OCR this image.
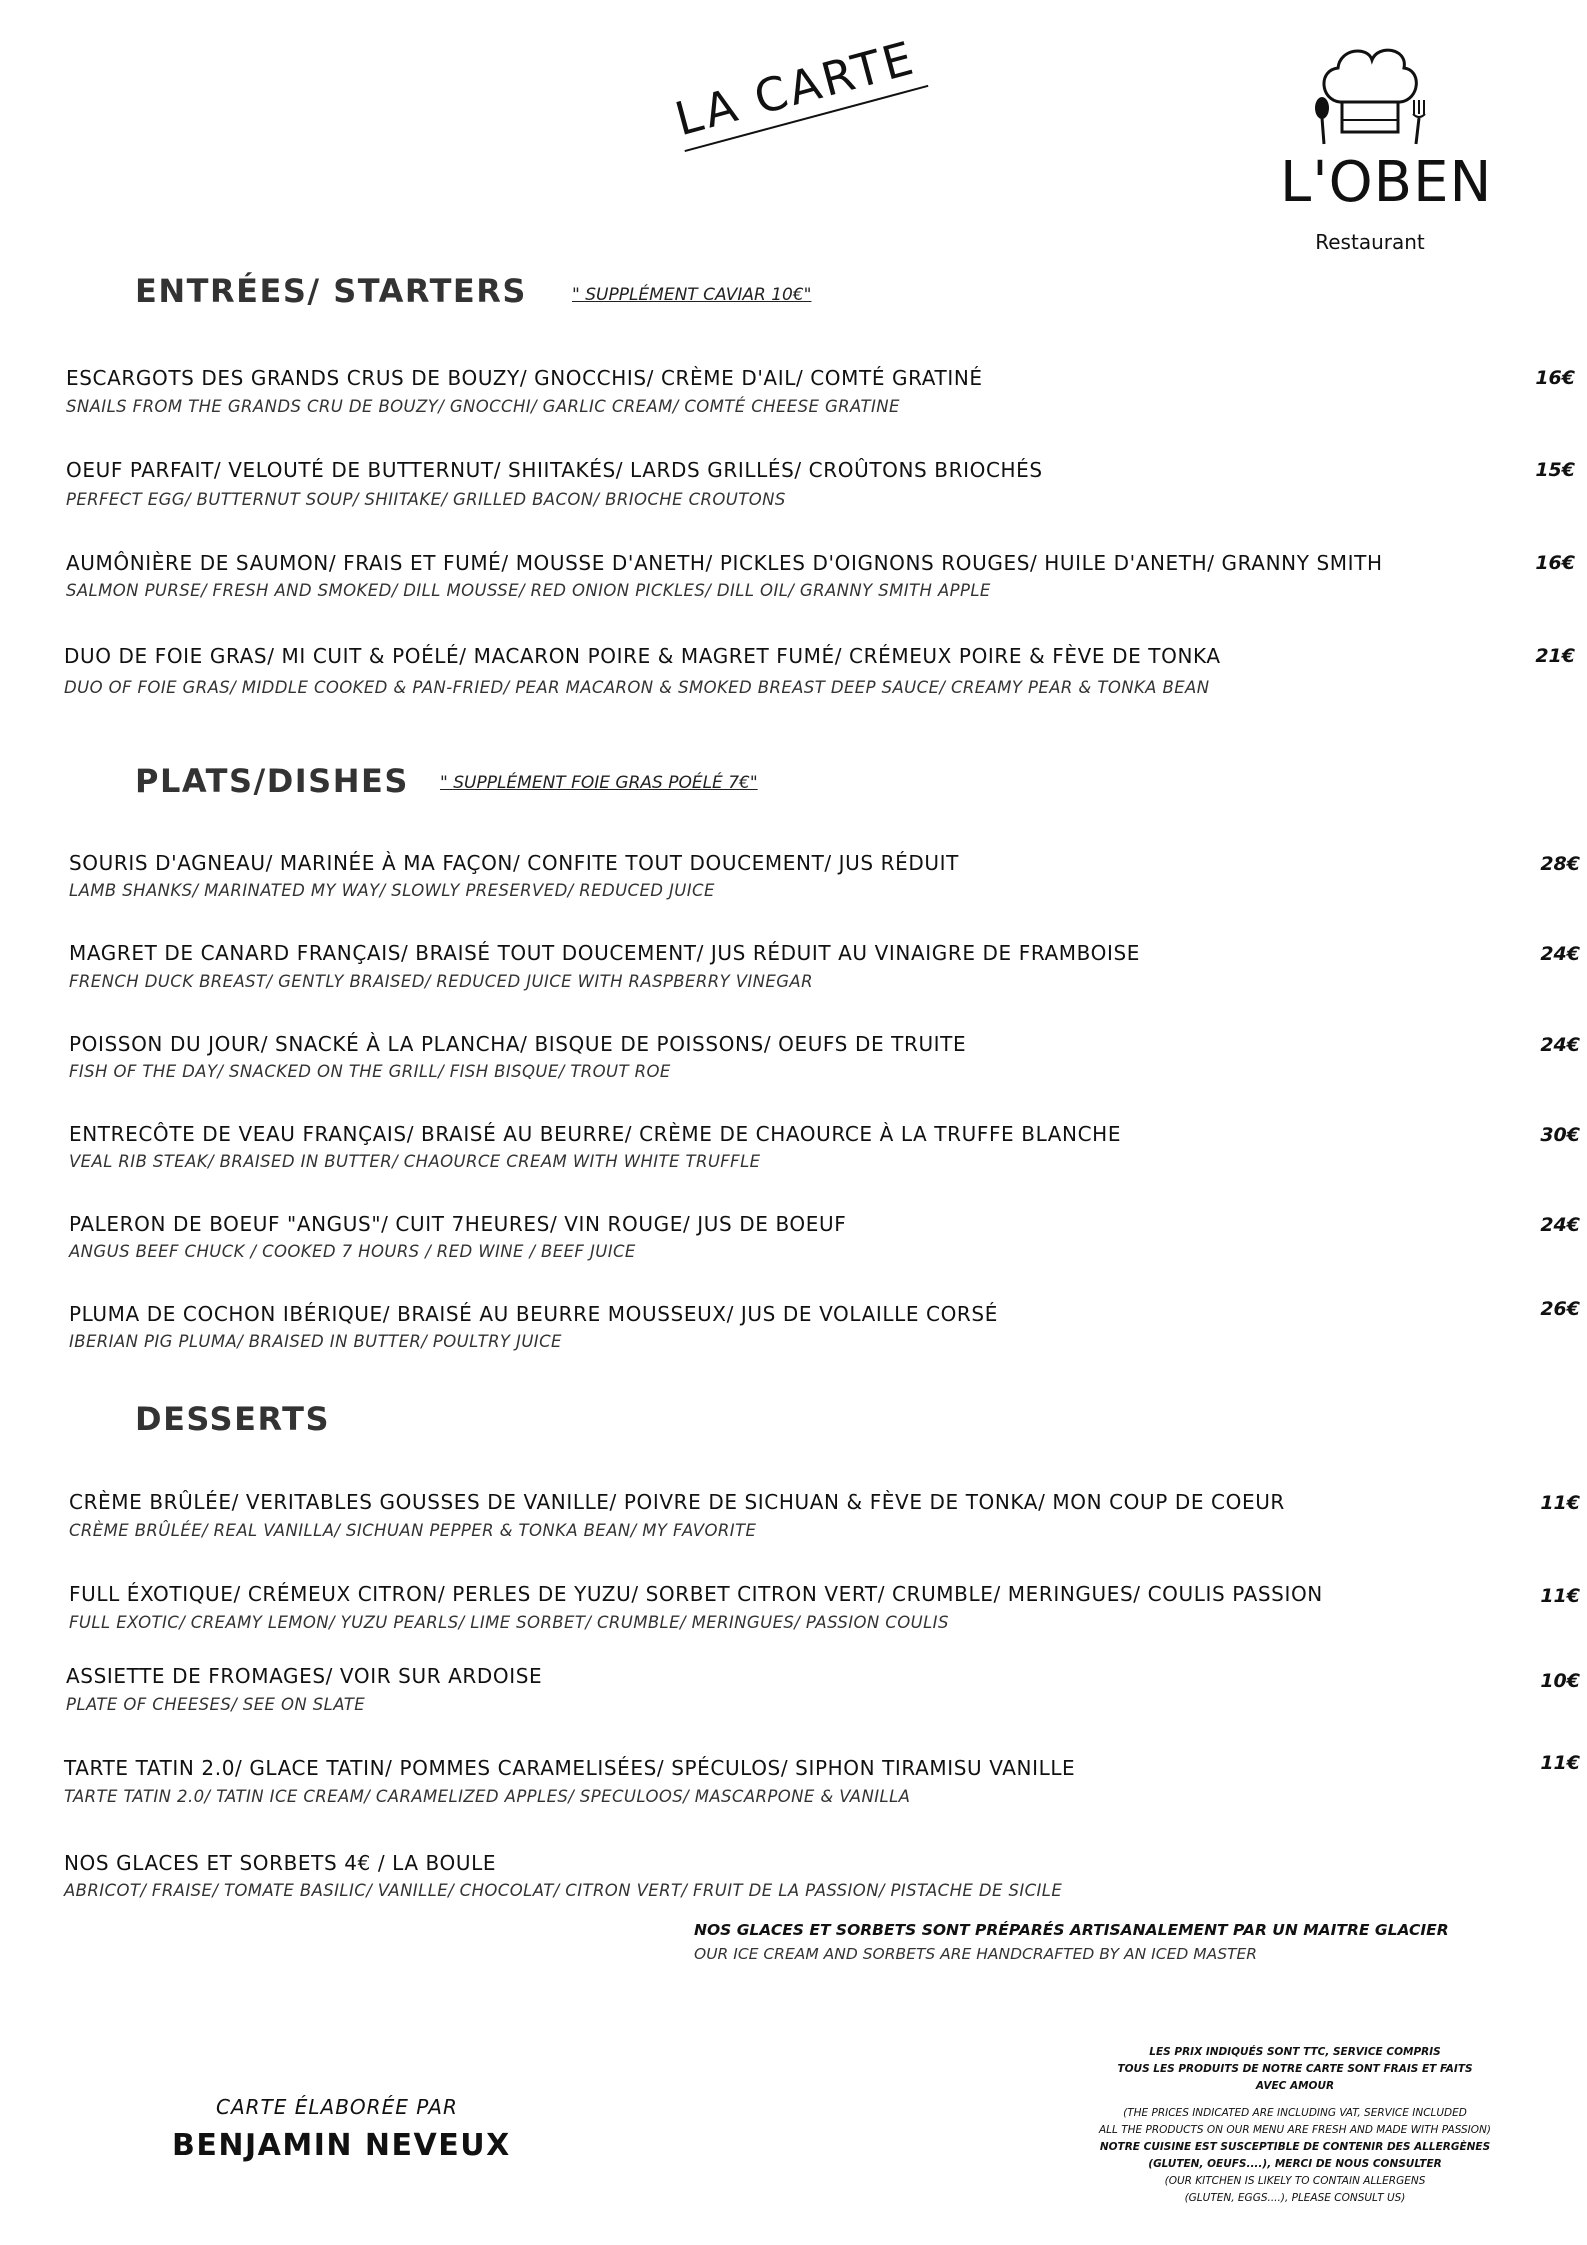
LA CARTE
L'OBEN
Restaurant
ENTRÉES/ STARTERS	" SUPPLÉMENT CAVIAR 10€"
ESCARGOTS DES GRANDS CRUS DE BOUZY/ GNOCCHIS/ CRÈME D'AIL/ COMTÉ GRATINÉ
SNAILS FROM THE GRANDS CRU DE BOUZY/ GNOCCHI/ GARLIC CREAM/ COMTÉ CHEESE GRATINE
16€
OEUF PARFAIT/ VELOUTÉ DE BUTTERNUT/ SHIITAKÉS/ LARDS GRILLÉS/ CROÛTONS BRIOCHÉS
PERFECT EGG/ BUTTERNUT SOUP/ SHIITAKE/ GRILLED BACON/ BRIOCHE CROUTONS
15€
AUMÔNIÈRE DE SAUMON/ FRAIS ET FUMÉ/ MOUSSE D'ANETH/ PICKLES D'OIGNONS ROUGES/ HUILE D'ANETH/ GRANNY SMITH
SALMON PURSE/ FRESH AND SMOKED/ DILL MOUSSE/ RED ONION PICKLES/ DILL OIL/ GRANNY SMITH APPLE
16€
DUO DE FOIE GRAS/ MI CUIT & POÉLÉ/ MACARON POIRE & MAGRET FUMÉ/ CRÉMEUX POIRE & FÈVE DE TONKA
DUO OF FOIE GRAS/ MIDDLE COOKED & PAN-FRIED/ PEAR MACARON & SMOKED BREAST DEEP SAUCE/ CREAMY PEAR & TONKA BEAN
21€
PLATS/DISHES " SUPPLÉMENT FOIE GRAS POÉLÉ 7€"
SOURIS D'AGNEAU/ MARINÉE À MA FAÇON/ CONFITE TOUT DOUCEMENT/ JUS RÉDUIT
LAMB SHANKS/ MARINATED MY WAY/ SLOWLY PRESERVED/ REDUCED JUICE
28€
MAGRET DE CANARD FRANÇAIS/ BRAISÉ TOUT DOUCEMENT/ JUS RÉDUIT AU VINAIGRE DE FRAMBOISE
FRENCH DUCK BREAST/ GENTLY BRAISED/ REDUCED JUICE WITH RASPBERRY VINEGAR
24€
POISSON DU JOUR/ SNACKÉ À LA PLANCHA/ BISQUE DE POISSONS/ OEUFS DE TRUITE
FISH OF THE DAY/ SNACKED ON THE GRILL/ FISH BISQUE/ TROUT ROE
24€
ENTRECÔTE DE VEAU FRANÇAIS/ BRAISÉ AU BEURRE/ CRÈME DE CHAOURCE À LA TRUFFE BLANCHE
VEAL RIB STEAK/ BRAISED IN BUTTER/ CHAOURCE CREAM WITH WHITE TRUFFLE
30€
PALERON DE BOEUF "ANGUS"/ CUIT 7HEURES/ VIN ROUGE/ JUS DE BOEUF
ANGUS BEEF CHUCK / COOKED 7 HOURS / RED WINE / BEEF JUICE
24€
PLUMA DE COCHON IBÉRIQUE/ BRAISÉ AU BEURRE MOUSSEUX/ JUS DE VOLAILLE CORSÉ
IBERIAN PIG PLUMA/ BRAISED IN BUTTER/ POULTRY JUICE
26€
DESSERTS
CRÈME BRÛLÉE/ VERITABLES GOUSSES DE VANILLE/ POIVRE DE SICHUAN & FÈVE DE TONKA/ MON COUP DE COEUR
CRÈME BRÛLÉE/ REAL VANILLA/ SICHUAN PEPPER & TONKA BEAN/ MY FAVORITE
11€
FULL ÉXOTIQUE/ CRÉMEUX CITRON/ PERLES DE YUZU/ SORBET CITRON VERT/ CRUMBLE/ MERINGUES/ COULIS PASSION
FULL EXOTIC/ CREAMY LEMON/ YUZU PEARLS/ LIME SORBET/ CRUMBLE/ MERINGUES/ PASSION COULIS
11€
ASSIETTE DE FROMAGES/ VOIR SUR ARDOISE
PLATE OF CHEESES/ SEE ON SLATE
10€
TARTE TATIN 2.0/ GLACE TATIN/ POMMES CARAMELISÉES/ SPÉCULOS/ SIPHON TIRAMISU VANILLE
TARTE TATIN 2.0/ TATIN ICE CREAM/ CARAMELIZED APPLES/ SPECULOOS/ MASCARPONE & VANILLA
11€
NOS GLACES ET SORBETS 4€ / LA BOULE
ABRICOT/ FRAISE/ TOMATE BASILIC/ VANILLE/ CHOCOLAT/ CITRON VERT/ FRUIT DE LA PASSION/ PISTACHE DE SICILE
NOS GLACES ET SORBETS SONT PRÉPARÉS ARTISANALEMENT PAR UN MAITRE GLACIER
OUR ICE CREAM AND SORBETS ARE HANDCRAFTED BY AN ICED MASTER
CARTE ÉLABORÉE PAR
BENJAMIN NEVEUX
LES PRIX INDIQUÉS SONT TTC, SERVICE COMPRIS
TOUS LES PRODUITS DE NOTRE CARTE SONT FRAIS ET FAITS
AVEC AMOUR
(THE PRICES INDICATED ARE INCLUDING VAT, SERVICE INCLUDED
ALL THE PRODUCTS ON OUR MENU ARE FRESH AND MADE WITH PASSION)
NOTRE CUISINE EST SUSCEPTIBLE DE CONTENIR DES ALLERGÈNES
(GLUTEN, OEUFS....), MERCI DE NOUS CONSULTER
(OUR KITCHEN IS LIKELY TO CONTAIN ALLERGENS
(GLUTEN, EGGS....), PLEASE CONSULT US)
